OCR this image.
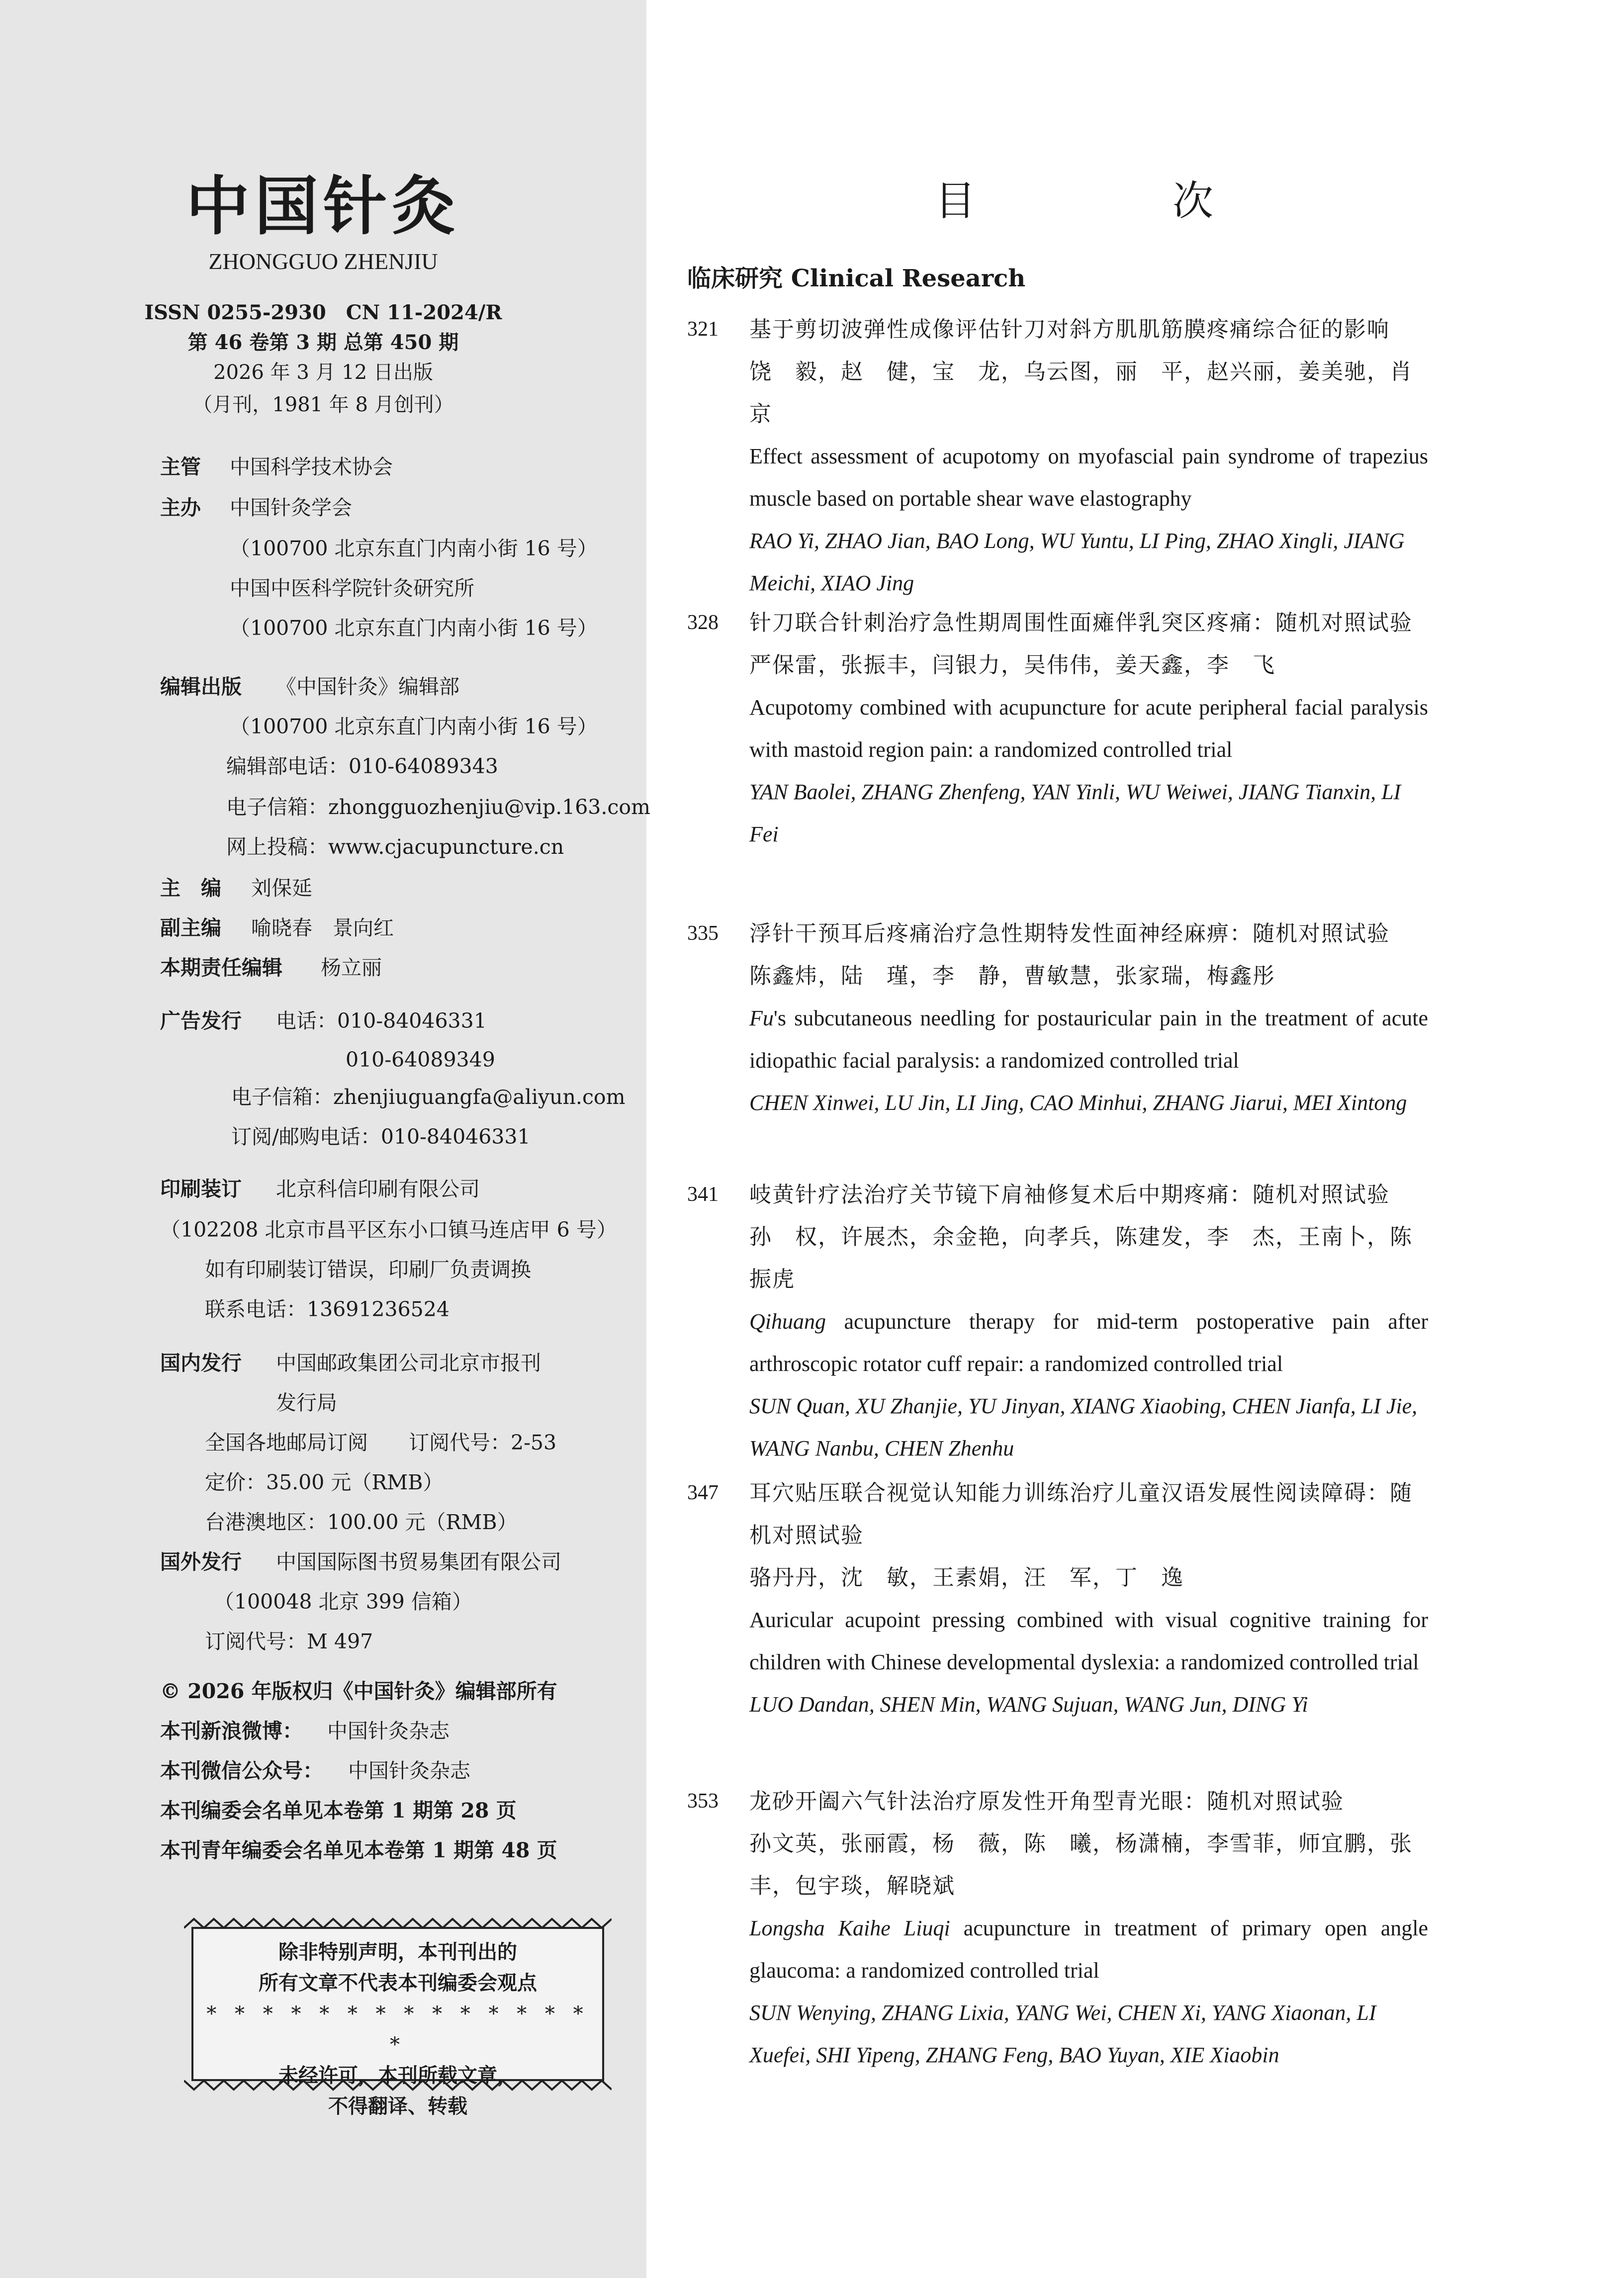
中国针灸
ZHONGGUO ZHENJIU
ISSN 0255-2930　CN 11-2024/R
第 46 卷第 3 期 总第 450 期
2026 年 3 月 12 日出版
（月刊，1981 年 8 月创刊）
主管 中国科学技术协会
主办 中国针灸学会
（100700 北京东直门内南小街 16 号）
中国中医科学院针灸研究所
（100700 北京东直门内南小街 16 号）
编辑出版 《中国针灸》编辑部
（100700 北京东直门内南小街 16 号）
编辑部电话：010-64089343
电子信箱：zhongguozhenjiu@vip.163.com
网上投稿：www.cjacupuncture.cn
主　编 刘保延
副主编 喻晓春　景向红
本期责任编辑 杨立丽
广告发行 电话：010-84046331
010-64089349
电子信箱：zhenjiuguangfa@aliyun.com
订阅/邮购电话：010-84046331
印刷装订 北京科信印刷有限公司
（102208 北京市昌平区东小口镇马连店甲 6 号）
如有印刷装订错误，印刷厂负责调换
联系电话：13691236524
国内发行 中国邮政集团公司北京市报刊
发行局
全国各地邮局订阅　　订阅代号：2-53
定价：35.00 元（RMB）
台港澳地区：100.00 元（RMB）
国外发行 中国国际图书贸易集团有限公司
（100048 北京 399 信箱）
订阅代号：M 497
© 2026 年版权归《中国针灸》编辑部所有
本刊新浪微博： 中国针灸杂志
本刊微信公众号： 中国针灸杂志
本刊编委会名单见本卷第 1 期第 28 页
本刊青年编委会名单见本卷第 1 期第 48 页
除非特别声明，本刊刊出的
所有文章不代表本刊编委会观点
* * * * * * * * * * * * * * *
未经许可，本刊所载文章，
不得翻译、转载
目	次
临床研究 Clinical Research
321	基于剪切波弹性成像评估针刀对斜方肌肌筋膜疼痛综合征的影响
饶　毅，赵　健，宝　龙，乌云图，丽　平，赵兴丽，姜美驰，肖　京
Effect assessment of acupotomy on myofascial pain syndrome of trapezius muscle based on portable shear wave elastography
RAO Yi, ZHAO Jian, BAO Long, WU Yuntu, LI Ping, ZHAO Xingli, JIANG Meichi, XIAO Jing
328	针刀联合针刺治疗急性期周围性面瘫伴乳突区疼痛：随机对照试验
严保雷，张振丰，闫银力，吴伟伟，姜天鑫，李　飞
Acupotomy combined with acupuncture for acute peripheral facial paralysis with mastoid region pain: a randomized controlled trial
YAN Baolei, ZHANG Zhenfeng, YAN Yinli, WU Weiwei, JIANG Tianxin, LI Fei
335	浮针干预耳后疼痛治疗急性期特发性面神经麻痹：随机对照试验
陈鑫炜，陆　瑾，李　静，曹敏慧，张家瑞，梅鑫彤
Fu's subcutaneous needling for postauricular pain in the treatment of acute idiopathic facial paralysis: a randomized controlled trial
CHEN Xinwei, LU Jin, LI Jing, CAO Minhui, ZHANG Jiarui, MEI Xintong
341	岐黄针疗法治疗关节镜下肩袖修复术后中期疼痛：随机对照试验
孙　权，许展杰，余金艳，向孝兵，陈建发，李　杰，王南卜，陈振虎
Qihuang acupuncture therapy for mid-term postoperative pain after arthroscopic rotator cuff repair: a randomized controlled trial
SUN Quan, XU Zhanjie, YU Jinyan, XIANG Xiaobing, CHEN Jianfa, LI Jie, WANG Nanbu, CHEN Zhenhu
347	耳穴贴压联合视觉认知能力训练治疗儿童汉语发展性阅读障碍：随机对照试验
骆丹丹，沈　敏，王素娟，汪　军，丁　逸
Auricular acupoint pressing combined with visual cognitive training for children with Chinese developmental dyslexia: a randomized controlled trial
LUO Dandan, SHEN Min, WANG Sujuan, WANG Jun, DING Yi
353	龙砂开阖六气针法治疗原发性开角型青光眼：随机对照试验
孙文英，张丽霞，杨　薇，陈　曦，杨潇楠，李雪菲，师宜鹏，张　丰，包宇琰，解晓斌
Longsha Kaihe Liuqi acupuncture in treatment of primary open angle glaucoma: a randomized controlled trial
SUN Wenying, ZHANG Lixia, YANG Wei, CHEN Xi, YANG Xiaonan, LI Xuefei, SHI Yipeng, ZHANG Feng, BAO Yuyan, XIE Xiaobin
